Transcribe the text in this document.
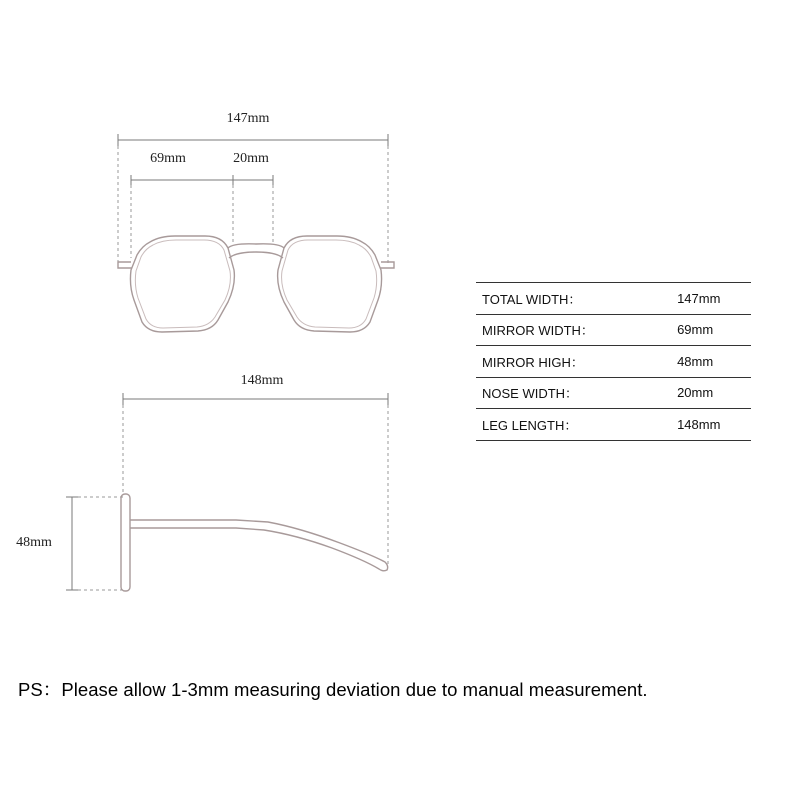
147mm
69mm	20mm
148mm
48mm
TOTAL WIDTH：	147mm
MIRROR WIDTH：	69mm
MIRROR HIGH：	48mm
NOSE WIDTH：	20mm
LEG LENGTH：	148mm
PS：Please allow 1-3mm measuring deviation due to manual measurement.
